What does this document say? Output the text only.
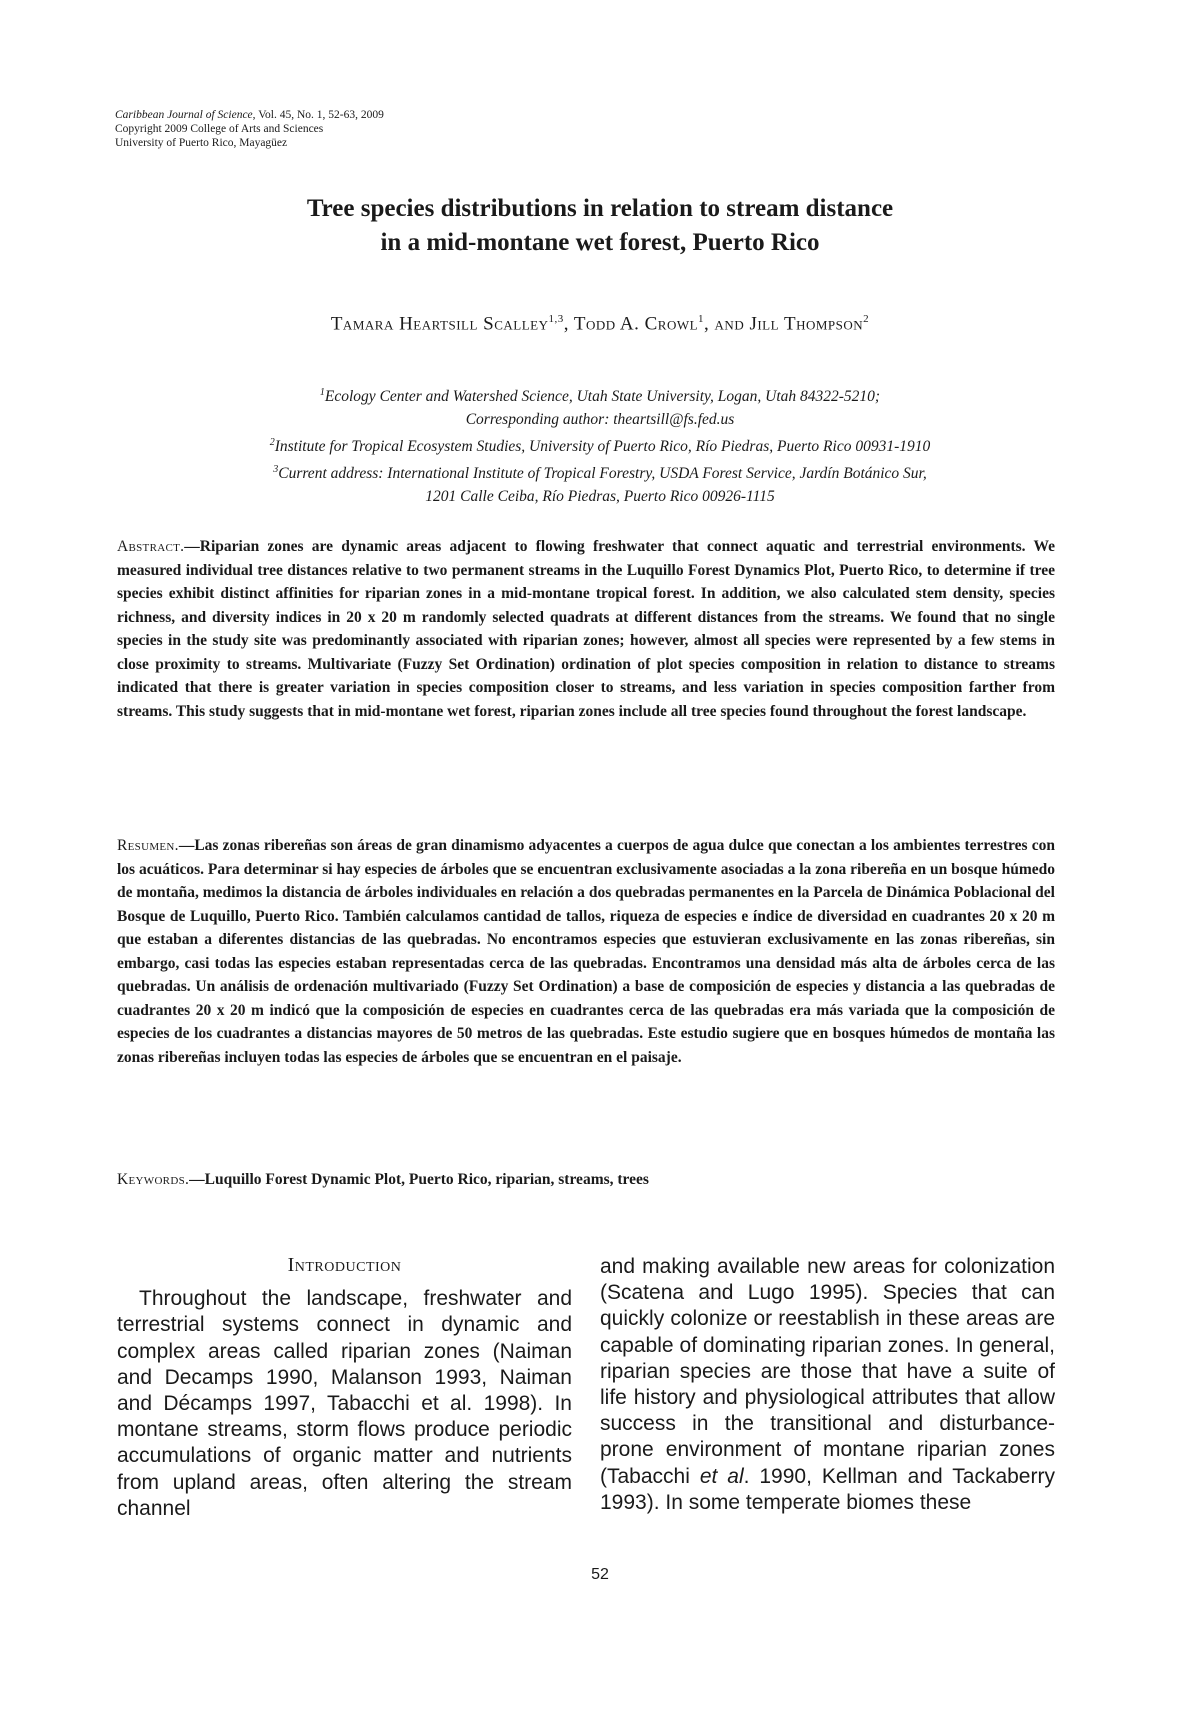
Caribbean Journal of Science, Vol. 45, No. 1, 52-63, 2009
Copyright 2009 College of Arts and Sciences
University of Puerto Rico, Mayagüez
Tree species distributions in relation to stream distance
in a mid-montane wet forest, Puerto Rico
Tamara Heartsill Scalley$^{1,3}$, Todd A. Crowl$^1$, and Jill Thompson$^2$
$^1$Ecology Center and Watershed Science, Utah State University, Logan, Utah 84322-5210;
Corresponding author: theartsill@fs.fed.us
$^2$Institute for Tropical Ecosystem Studies, University of Puerto Rico, Río Piedras, Puerto Rico 00931-1910
$^3$Current address: International Institute of Tropical Forestry, USDA Forest Service, Jardín Botánico Sur,
1201 Calle Ceiba, Río Piedras, Puerto Rico 00926-1115
Abstract.—Riparian zones are dynamic areas adjacent to flowing freshwater that connect aquatic and terrestrial environments. We measured individual tree distances relative to two permanent streams in the Luquillo Forest Dynamics Plot, Puerto Rico, to determine if tree species exhibit distinct affinities for riparian zones in a mid-montane tropical forest. In addition, we also calculated stem density, species richness, and diversity indices in 20 x 20 m randomly selected quadrats at different distances from the streams. We found that no single species in the study site was predominantly associated with riparian zones; however, almost all species were represented by a few stems in close proximity to streams. Multivariate (Fuzzy Set Ordination) ordination of plot species composition in relation to distance to streams indicated that there is greater variation in species composition closer to streams, and less variation in species composition farther from streams. This study suggests that in mid-montane wet forest, riparian zones include all tree species found throughout the forest landscape.
Resumen.—Las zonas ribereñas son áreas de gran dinamismo adyacentes a cuerpos de agua dulce que conectan a los ambientes terrestres con los acuáticos. Para determinar si hay especies de árboles que se encuentran exclusivamente asociadas a la zona ribereña en un bosque húmedo de montaña, medimos la distancia de árboles individuales en relación a dos quebradas permanentes en la Parcela de Dinámica Poblacional del Bosque de Luquillo, Puerto Rico. También calculamos cantidad de tallos, riqueza de especies e índice de diversidad en cuadrantes 20 x 20 m que estaban a diferentes distancias de las quebradas. No encontramos especies que estuvieran exclusivamente en las zonas ribereñas, sin embargo, casi todas las especies estaban representadas cerca de las quebradas. Encontramos una densidad más alta de árboles cerca de las quebradas. Un análisis de ordenación multivariado (Fuzzy Set Ordination) a base de composición de especies y distancia a las quebradas de cuadrantes 20 x 20 m indicó que la composición de especies en cuadrantes cerca de las quebradas era más variada que la composición de especies de los cuadrantes a distancias mayores de 50 metros de las quebradas. Este estudio sugiere que en bosques húmedos de montaña las zonas ribereñas incluyen todas las especies de árboles que se encuentran en el paisaje.
Keywords.—Luquillo Forest Dynamic Plot, Puerto Rico, riparian, streams, trees
Introduction

Throughout the landscape, freshwater and terrestrial systems connect in dynamic and complex areas called riparian zones (Naiman and Decamps 1990, Malanson 1993, Naiman and Décamps 1997, Tabacchi et al. 1998). In montane streams, storm flows produce periodic accumulations of organic matter and nutrients from upland areas, often altering the stream channel

and making available new areas for colonization (Scatena and Lugo 1995). Species that can quickly colonize or reestablish in these areas are capable of dominating riparian zones. In general, riparian species are those that have a suite of life history and physiological attributes that allow success in the transitional and disturbance-prone environment of montane riparian zones (Tabacchi et al. 1990, Kellman and Tackaberry 1993). In some temperate biomes these

52
